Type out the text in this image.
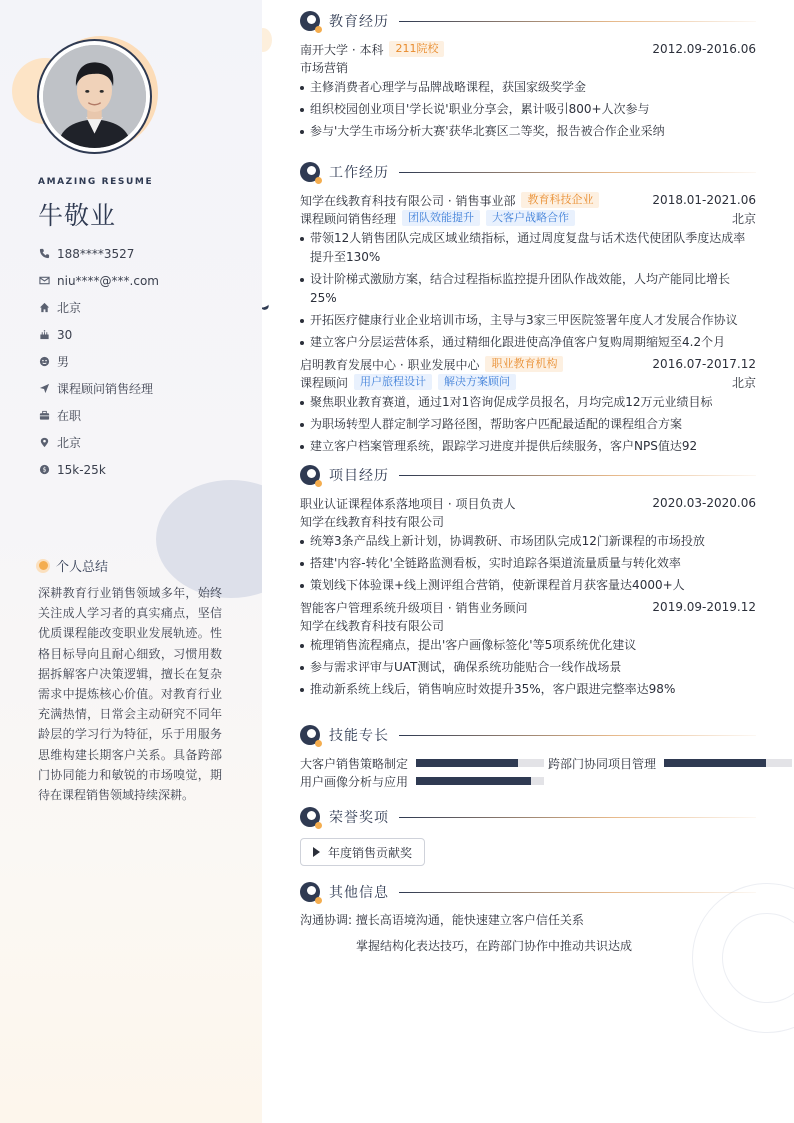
AMAZING RESUME
牛敬业
188****3527
niu****@***.com
北京
30
男
课程顾问销售经理
在职
北京
$ 15k-25k
个人总结
深耕教育行业销售领域多年，始终关注成人学习者的真实痛点，坚信优质课程能改变职业发展轨迹。性格目标导向且耐心细致，习惯用数据拆解客户决策逻辑，擅长在复杂需求中提炼核心价值。对教育行业充满热情，日常会主动研究不同年龄层的学习行为特征，乐于用服务思维构建长期客户关系。具备跨部门协同能力和敏锐的市场嗅觉，期待在课程销售领域持续深耕。
教育经历
南开大学 · 本科	211院校	2012.09-2016.06
市场营销
主修消费者心理学与品牌战略课程，获国家级奖学金
组织校园创业项目'学长说'职业分享会，累计吸引800+人次参与
参与'大学生市场分析大赛'获华北赛区二等奖，报告被合作企业采纳
工作经历
知学在线教育科技有限公司 · 销售事业部	教育科技企业	2018.01-2021.06
课程顾问销售经理	团队效能提升	大客户战略合作	北京
带领12人销售团队完成区域业绩指标，通过周度复盘与话术迭代使团队季度达成率提升至130%
设计阶梯式激励方案，结合过程指标监控提升团队作战效能，人均产能同比增长25%
开拓医疗健康行业企业培训市场，主导与3家三甲医院签署年度人才发展合作协议
建立客户分层运营体系，通过精细化跟进使高净值客户复购周期缩短至4.2个月
启明教育发展中心 · 职业发展中心	职业教育机构	2016.07-2017.12
课程顾问	用户旅程设计	解决方案顾问	北京
聚焦职业教育赛道，通过1对1咨询促成学员报名，月均完成12万元业绩目标
为职场转型人群定制学习路径图，帮助客户匹配最适配的课程组合方案
建立客户档案管理系统，跟踪学习进度并提供后续服务，客户NPS值达92
项目经历
职业认证课程体系落地项目 · 项目负责人	2020.03-2020.06
知学在线教育科技有限公司
统筹3条产品线上新计划，协调教研、市场团队完成12门新课程的市场投放
搭建'内容-转化'全链路监测看板，实时追踪各渠道流量质量与转化效率
策划线下体验课+线上测评组合营销，使新课程首月获客量达4000+人
智能客户管理系统升级项目 · 销售业务顾问	2019.09-2019.12
知学在线教育科技有限公司
梳理销售流程痛点，提出'客户画像标签化'等5项系统优化建议
参与需求评审与UAT测试，确保系统功能贴合一线作战场景
推动新系统上线后，销售响应时效提升35%，客户跟进完整率达98%
技能专长
大客户销售策略制定	跨部门协同项目管理
用户画像分析与应用
荣誉奖项
年度销售贡献奖
其他信息
沟通协调: 擅长高语境沟通，能快速建立客户信任关系
掌握结构化表达技巧，在跨部门协作中推动共识达成
